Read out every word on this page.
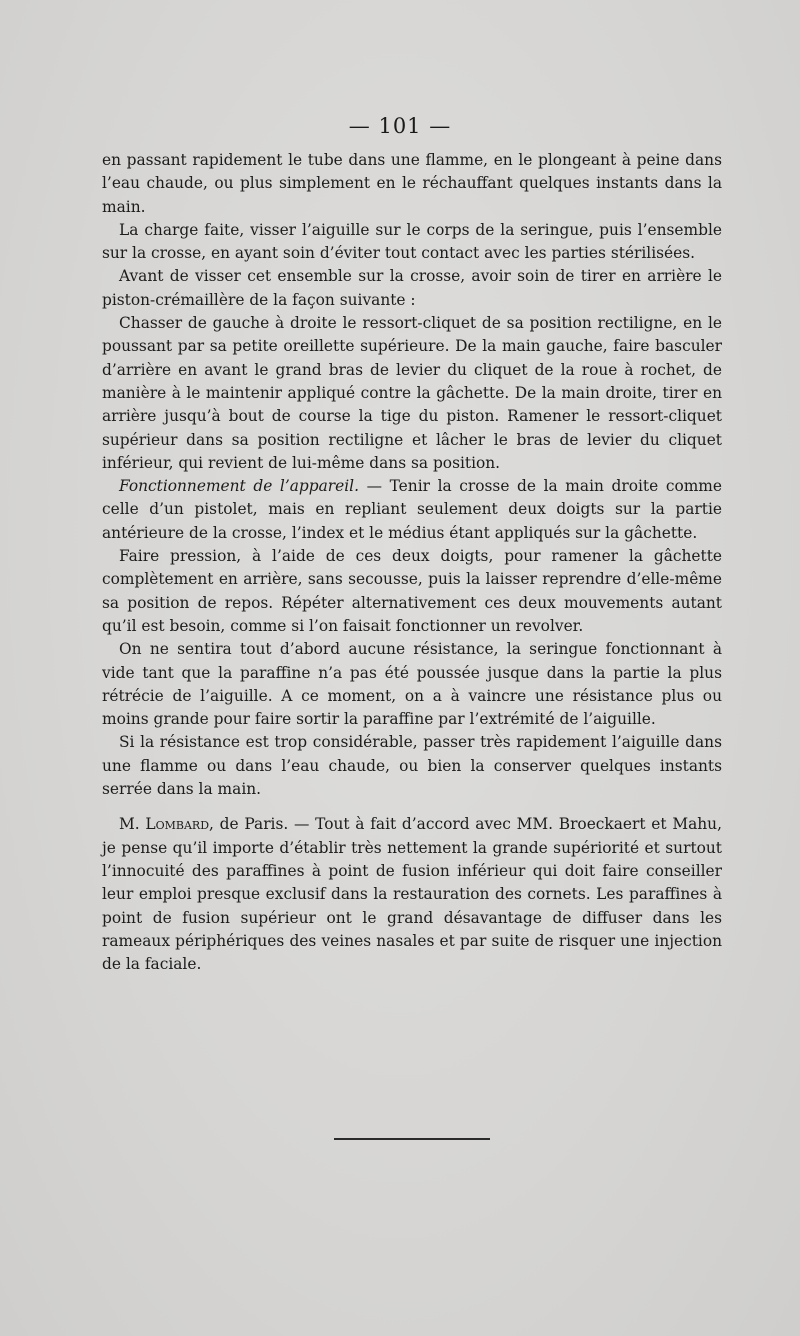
— 101 —

en passant rapidement le tube dans une flamme, en le plongeant à peine dans l’eau chaude, ou plus simplement en le réchauffant quelques instants dans la main.

La charge faite, visser l’aiguille sur le corps de la seringue, puis l’ensemble sur la crosse, en ayant soin d’éviter tout contact avec les parties stérilisées.

Avant de visser cet ensemble sur la crosse, avoir soin de tirer en arrière le piston-crémaillère de la façon suivante :

Chasser de gauche à droite le ressort-cliquet de sa position rectiligne, en le poussant par sa petite oreillette supérieure. De la main gauche, faire basculer d’arrière en avant le grand bras de levier du cliquet de la roue à rochet, de manière à le maintenir appliqué contre la gâchette. De la main droite, tirer en arrière jusqu’à bout de course la tige du piston. Ramener le ressort-cliquet supérieur dans sa position rectiligne et lâcher le bras de levier du cliquet inférieur, qui revient de lui-même dans sa position.

Fonctionnement de l’appareil. — Tenir la crosse de la main droite comme celle d’un pistolet, mais en repliant seulement deux doigts sur la partie antérieure de la crosse, l’index et le médius étant appliqués sur la gâchette.

Faire pression, à l’aide de ces deux doigts, pour ramener la gâchette complètement en arrière, sans secousse, puis la laisser reprendre d’elle-même sa position de repos. Répéter alternativement ces deux mouvements autant qu’il est besoin, comme si l’on faisait fonctionner un revolver.

On ne sentira tout d’abord aucune résistance, la seringue fonctionnant à vide tant que la paraffine n’a pas été poussée jusque dans la partie la plus rétrécie de l’aiguille. A ce moment, on a à vaincre une résistance plus ou moins grande pour faire sortir la paraffine par l’extrémité de l’aiguille.

Si la résistance est trop considérable, passer très rapidement l’aiguille dans une flamme ou dans l’eau chaude, ou bien la conserver quelques instants serrée dans la main.

M. Lombard, de Paris. — Tout à fait d’accord avec MM. Broeckaert et Mahu, je pense qu’il importe d’établir très nettement la grande supériorité et surtout l’innocuité des paraffines à point de fusion inférieur qui doit faire conseiller leur emploi presque exclusif dans la restauration des cornets. Les paraffines à point de fusion supérieur ont le grand désavantage de diffuser dans les rameaux périphériques des veines nasales et par suite de risquer une injection de la faciale.
